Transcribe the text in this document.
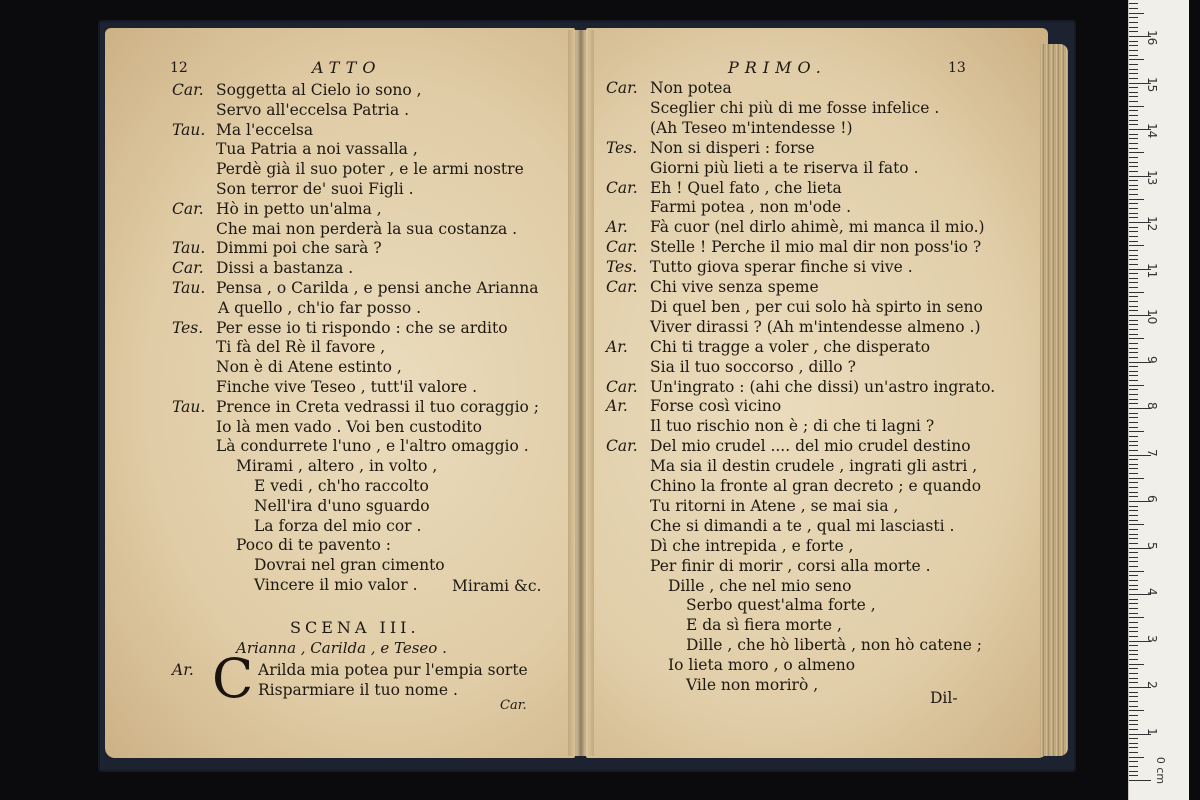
12	ATTO
Car. Soggetta al Cielo io sono ,
Servo all'eccelsa Patria .
Tau. Ma l'eccelsa
Tua Patria a noi vassalla ,
Perdè già il suo poter , e le armi nostre
Son terror de' suoi Figli .
Car. Hò in petto un'alma ,
Che mai non perderà la sua costanza .
Tau. Dimmi poi che sarà ?
Car. Dissi a bastanza .
Tau. Pensa , o Carilda , e pensi anche Arianna
A quello , ch'io far posso .
Tes. Per esse io ti rispondo : che se ardito
Ti fà del Rè il favore ,
Non è di Atene estinto ,
Finche vive Teseo , tutt'il valore .
Tau. Prence in Creta vedrassi il tuo coraggio ;
Io là men vado . Voi ben custodito
Là condurrete l'uno , e l'altro omaggio .
Mirami , altero , in volto ,
E vedi , ch'ho raccolto
Nell'ira d'uno sguardo
La forza del mio cor .
Poco di te pavento :
Dovrai nel gran cimento
Vincere il mio valor . Mirami &c.
SCENA III.
Arianna , Carilda , e Teseo .
Ar. C Arilda mia potea pur l'empia sorte
Risparmiare il tuo nome .
Car.
PRIMO.	13
Car. Non potea
Sceglier chi più di me fosse infelice .
(Ah Teseo m'intendesse !)
Tes. Non si disperi : forse
Giorni più lieti a te riserva il fato .
Car. Eh ! Quel fato , che lieta
Farmi potea , non m'ode .
Ar. Fà cuor (nel dirlo ahimè, mi manca il mio.)
Car. Stelle ! Perche il mio mal dir non poss'io ?
Tes. Tutto giova sperar finche si vive .
Car. Chi vive senza speme
Di quel ben , per cui solo hà spirto in seno
Viver dirassi ? (Ah m'intendesse almeno .)
Ar. Chi ti tragge a voler , che disperato
Sia il tuo soccorso , dillo ?
Car. Un'ingrato : (ahi che dissi) un'astro ingrato.
Ar. Forse così vicino
Il tuo rischio non è ; di che ti lagni ?
Car. Del mio crudel .... del mio crudel destino
Ma sia il destin crudele , ingrati gli astri ,
Chino la fronte al gran decreto ; e quando
Tu ritorni in Atene , se mai sia ,
Che si dimandi a te , qual mi lasciasti .
Dì che intrepida , e forte ,
Per finir di morir , corsi alla morte .
Dille , che nel mio seno
Serbo quest'alma forte ,
E da sì fiera morte ,
Dille , che hò libertà , non hò catene ;
Io lieta moro , o almeno
Vile non morirò ,
Dil-
0 cm
1
2
3
4
5
6
7
8
9
10
11
12
13
14
15
16
